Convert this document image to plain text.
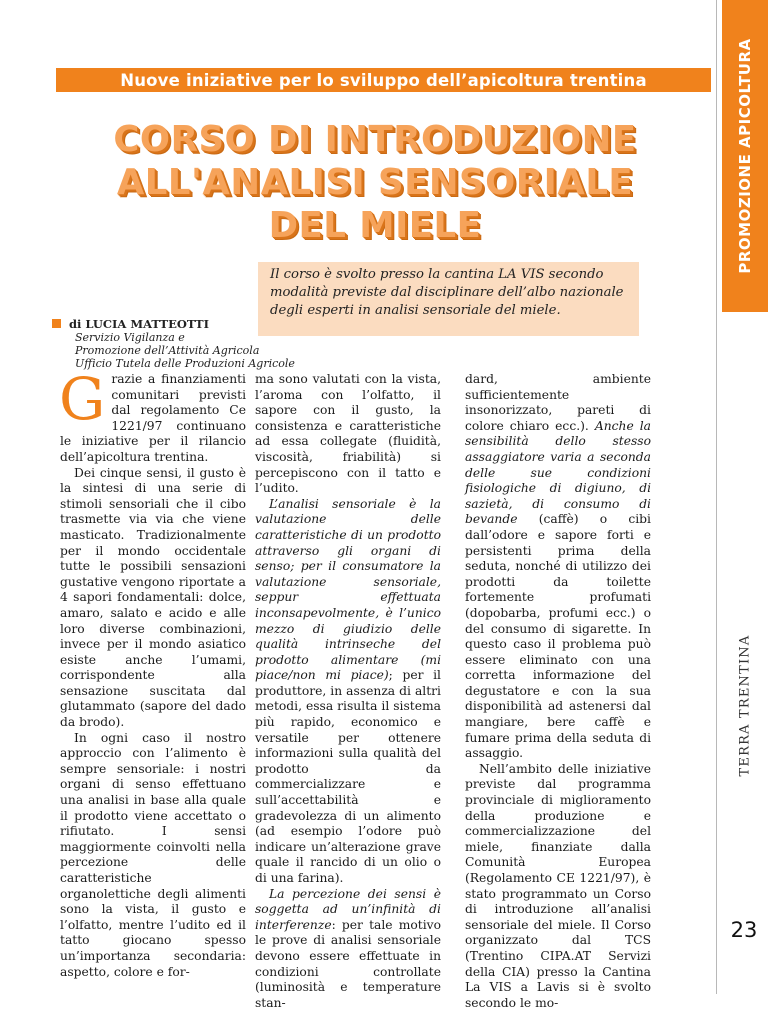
PROMOZIONE APICOLTURA
Nuove iniziative per lo sviluppo dell’apicoltura trentina
CORSO DI INTRODUZIONE
ALL'ANALISI SENSORIALE
DEL MIELE
Il corso è svolto presso la cantina LA VIS secondo modalità previste dal disciplinare dell’albo nazionale degli esperti in analisi sensoriale del miele.
di LUCIA MATTEOTTI
Servizio Vigilanza e
Promozione dell’Attività Agricola
Ufficio Tutela delle Produzioni Agricole

Grazie a finanziamenti comunitari previsti dal regolamento Ce 1221/97 continuano le iniziative per il rilancio dell’apicoltura trentina.

Dei cinque sensi, il gusto è la sintesi di una serie di stimoli sensoriali che il cibo trasmette via via che viene masticato. Tradizionalmente per il mondo occidentale tutte le possibili sensazioni gustative vengono riportate a 4 sapori fondamentali: dolce, amaro, salato e acido e alle loro diverse combinazioni, invece per il mondo asiatico esiste anche l’umami, corrispondente alla sensazione suscitata dal glutammato (sapore del dado da brodo).

In ogni caso il nostro approccio con l’alimento è sempre sensoriale: i nostri organi di senso effettuano una analisi in base alla quale il prodotto viene accettato o rifiutato. I sensi maggiormente coinvolti nella percezione delle caratteristiche organolettiche degli alimenti sono la vista, il gusto e l’olfatto, mentre l’udito ed il tatto giocano spesso un’importanza secondaria: aspetto, colore e for-

ma sono valutati con la vista, l’aroma con l’olfatto, il sapore con il gusto, la consistenza e caratteristiche ad essa collegate (fluidità, viscosità, friabilità) si percepiscono con il tatto e l’udito.

L’analisi sensoriale è la valutazione delle caratteristiche di un prodotto attraverso gli organi di senso; per il consumatore la valutazione sensoriale, seppur effettuata inconsapevolmente, è l’unico mezzo di giudizio delle qualità intrinseche del prodotto alimentare (mi piace/non mi piace); per il produttore, in assenza di altri metodi, essa risulta il sistema più rapido, economico e versatile per ottenere informazioni sulla qualità del prodotto da commercializzare e sull’accettabilità e gradevolezza di un alimento (ad esempio l’odore può indicare un’alterazione grave quale il rancido di un olio o di una farina).

La percezione dei sensi è soggetta ad un’infinità di interferenze: per tale motivo le prove di analisi sensoriale devono essere effettuate in condizioni controllate (luminosità e temperature stan-

dard, ambiente sufficientemente insonorizzato, pareti di colore chiaro ecc.). Anche la sensibilità dello stesso assaggiatore varia a seconda delle sue condizioni fisiologiche di digiuno, di sazietà, di consumo di bevande (caffè) o cibi dall’odore e sapore forti e persistenti prima della seduta, nonché di utilizzo dei prodotti da toilette fortemente profumati (dopobarba, profumi ecc.) o del consumo di sigarette. In questo caso il problema può essere eliminato con una corretta informazione del degustatore e con la sua disponibilità ad astenersi dal mangiare, bere caffè e fumare prima della seduta di assaggio.

Nell’ambito delle iniziative previste dal programma provinciale di miglioramento della produzione e commercializzazione del miele, finanziate dalla Comunità Europea (Regolamento CE 1221/97), è stato programmato un Corso di introduzione all’analisi sensoriale del miele. Il Corso organizzato dal TCS (Trentino CIPA.AT Servizi della CIA) presso la Cantina La VIS a Lavis si è svolto secondo le mo-

TERRA TRENTINA
23
